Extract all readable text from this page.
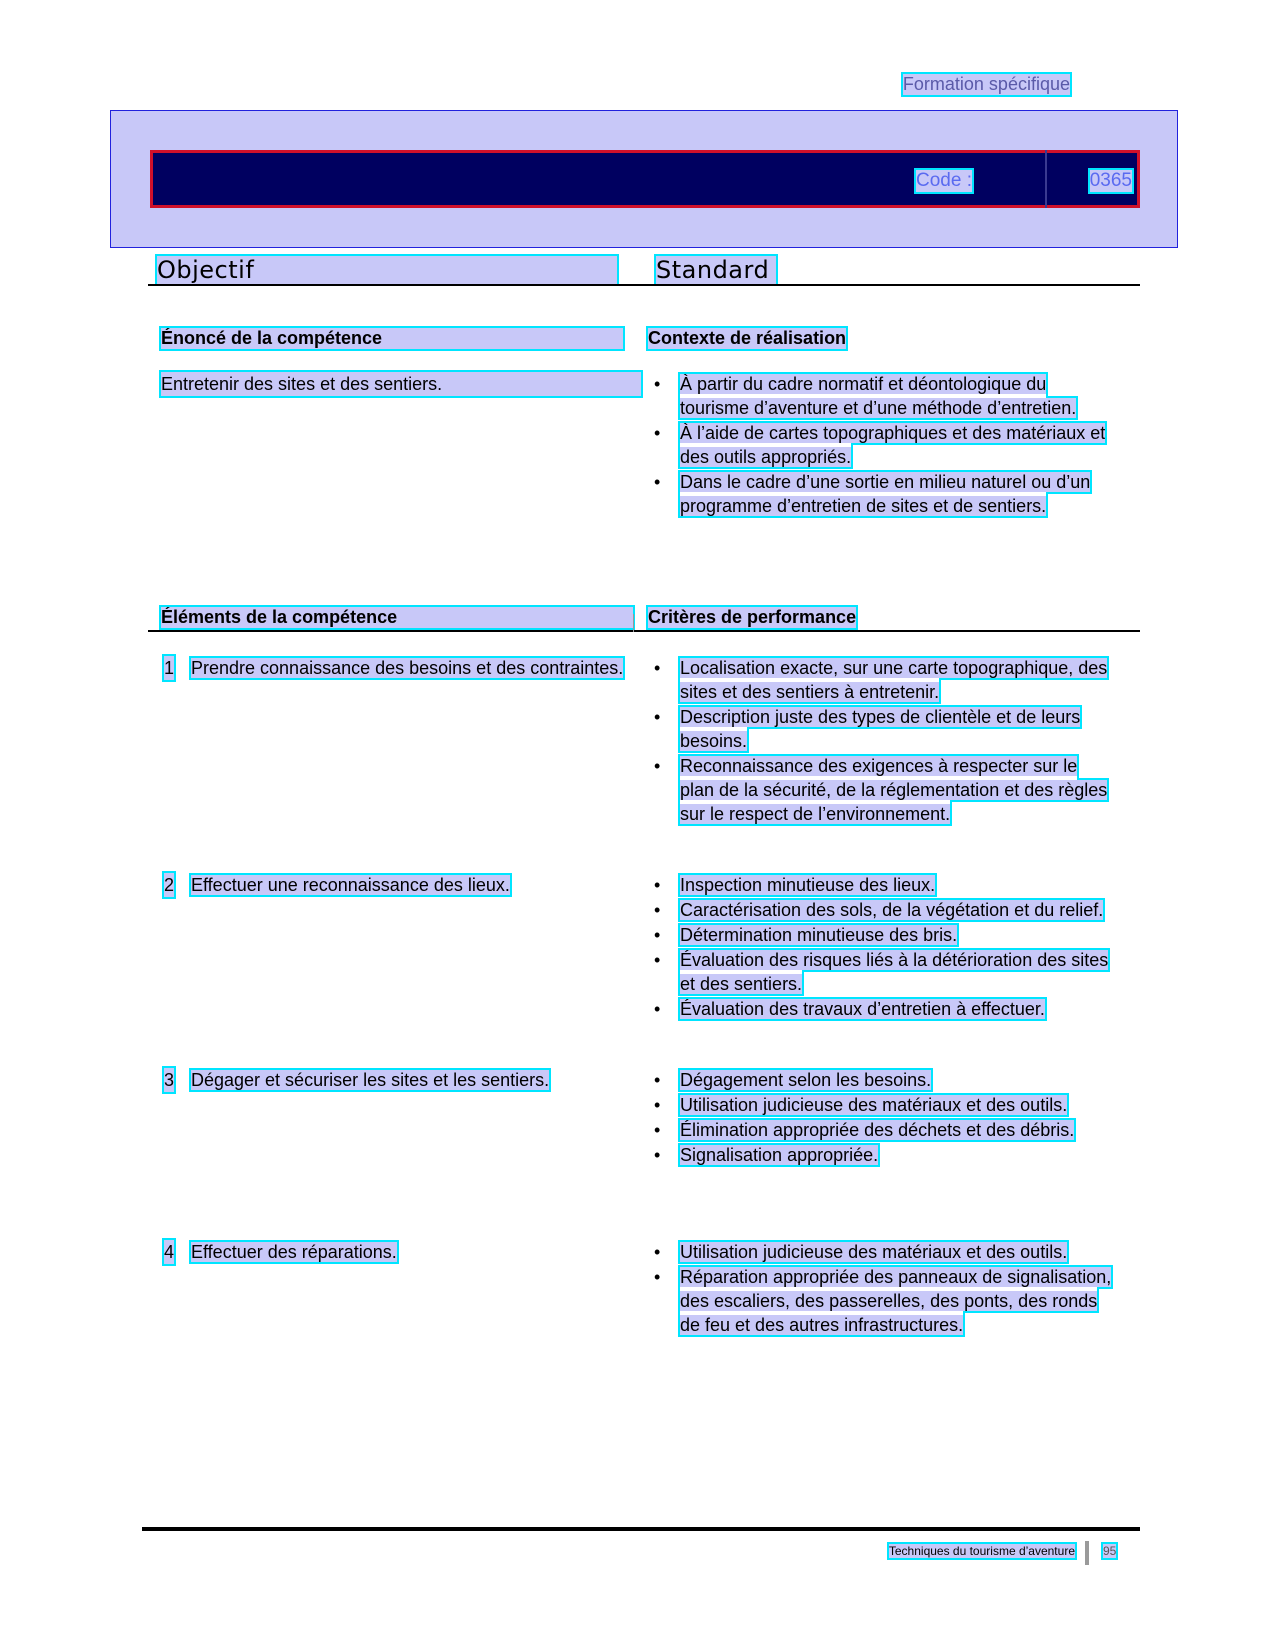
Formation spécifique
Code :	0365
Objectif	Standard
Énoncé de la compétence	Contexte de réalisation
Entretenir des sites et des sentiers.	• À partir du cadre normatif et déontologique du tourisme d’aventure et d’une méthode d’entretien.
• À l’aide de cartes topographiques et des matériaux et des outils appropriés.
• Dans le cadre d’une sortie en milieu naturel ou d’un programme d’entretien de sites et de sentiers.
Éléments de la compétence	Critères de performance
1 Prendre connaissance des besoins et des contraintes.	• Localisation exacte, sur une carte topographique, des sites et des sentiers à entretenir.
• Description juste des types de clientèle et de leurs besoins.
• Reconnaissance des exigences à respecter sur le plan de la sécurité, de la réglementation et des règles sur le respect de l’environnement.
2 Effectuer une reconnaissance des lieux.	• Inspection minutieuse des lieux.
• Caractérisation des sols, de la végétation et du relief.
• Détermination minutieuse des bris.
• Évaluation des risques liés à la détérioration des sites et des sentiers.
• Évaluation des travaux d’entretien à effectuer.
3 Dégager et sécuriser les sites et les sentiers.	• Dégagement selon les besoins.
• Utilisation judicieuse des matériaux et des outils.
• Élimination appropriée des déchets et des débris.
• Signalisation appropriée.
4 Effectuer des réparations.	• Utilisation judicieuse des matériaux et des outils.
• Réparation appropriée des panneaux de signalisation, des escaliers, des passerelles, des ponts, des ronds de feu et des autres infrastructures.
Techniques du tourisme d’aventure 95
